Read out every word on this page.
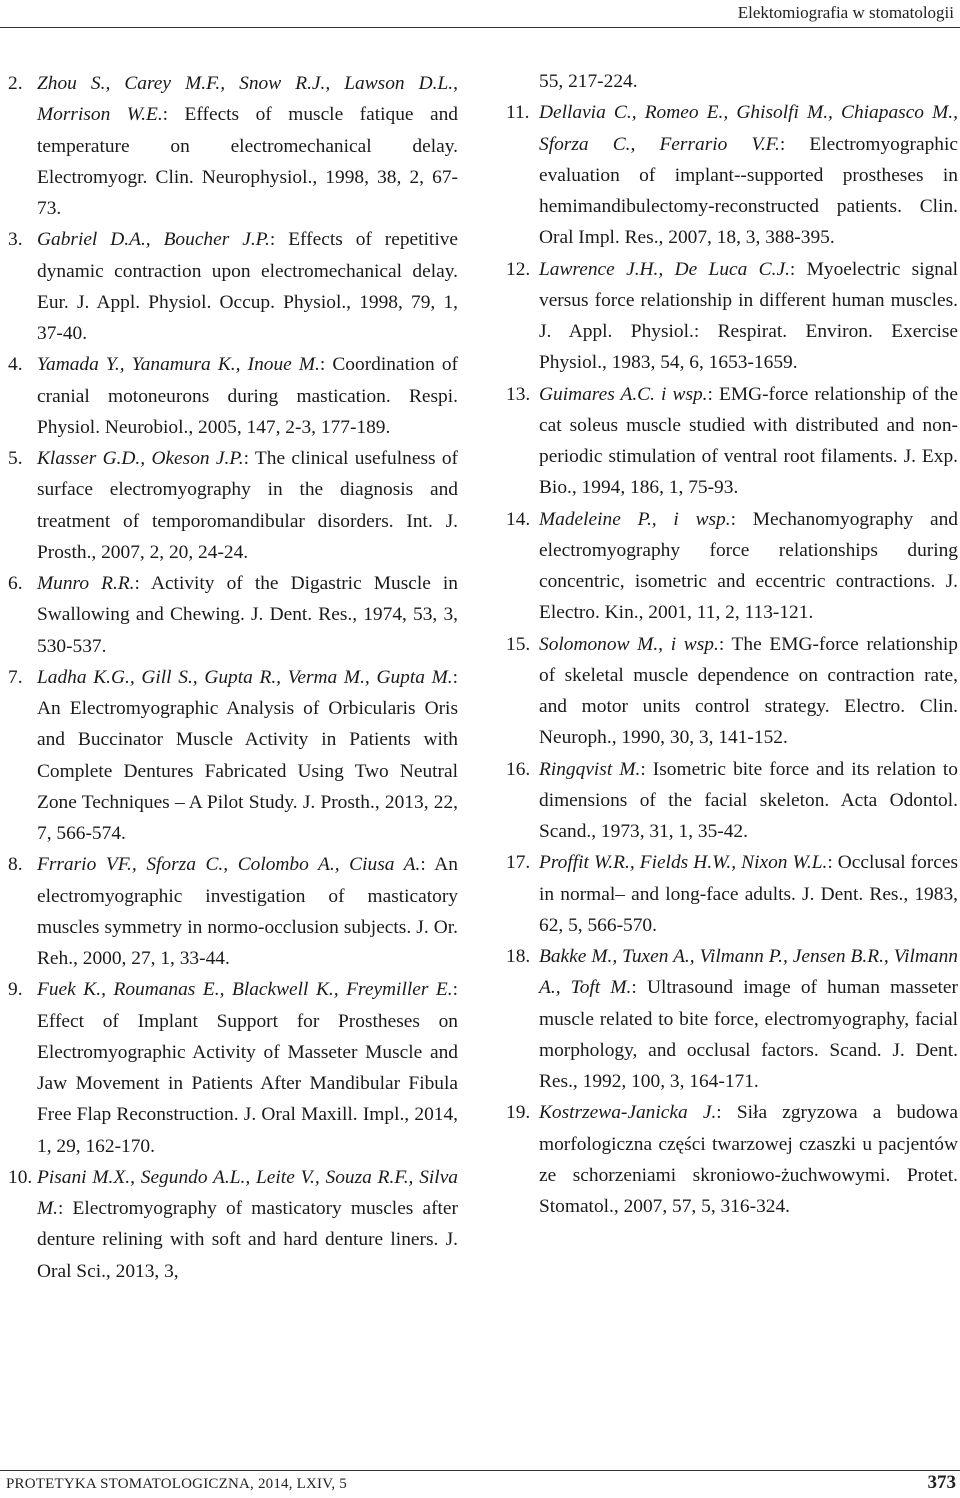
Elektomiografia w stomatologii
2. Zhou S., Carey M.F., Snow R.J., Lawson D.L., Morrison W.E.: Effects of muscle fatique and temperature on electromechanical delay. Electromyogr. Clin. Neurophysiol., 1998, 38, 2, 67-73.
3. Gabriel D.A., Boucher J.P.: Effects of repetitive dynamic contraction upon electromechanical delay. Eur. J. Appl. Physiol. Occup. Physiol., 1998, 79, 1, 37-40.
4. Yamada Y., Yanamura K., Inoue M.: Coordination of cranial motoneurons during mastication. Respi. Physiol. Neurobiol., 2005, 147, 2-3, 177-189.
5. Klasser G.D., Okeson J.P.: The clinical usefulness of surface electromyography in the diagnosis and treatment of temporomandibular disorders. Int. J. Prosth., 2007, 2, 20, 24-24.
6. Munro R.R.: Activity of the Digastric Muscle in Swallowing and Chewing. J. Dent. Res., 1974, 53, 3, 530-537.
7. Ladha K.G., Gill S., Gupta R., Verma M., Gupta M.: An Electromyographic Analysis of Orbicularis Oris and Buccinator Muscle Activity in Patients with Complete Dentures Fabricated Using Two Neutral Zone Techniques – A Pilot Study. J. Prosth., 2013, 22, 7, 566-574.
8. Frrario VF., Sforza C., Colombo A., Ciusa A.: An electromyographic investigation of masticatory muscles symmetry in normo-occlusion subjects. J. Or. Reh., 2000, 27, 1, 33-44.
9. Fuek K., Roumanas E., Blackwell K., Freymiller E.: Effect of Implant Support for Prostheses on Electromyographic Activity of Masseter Muscle and Jaw Movement in Patients After Mandibular Fibula Free Flap Reconstruction. J. Oral Maxill. Impl., 2014, 1, 29, 162-170.
10. Pisani M.X., Segundo A.L., Leite V., Souza R.F., Silva M.: Electromyography of masticatory muscles after denture relining with soft and hard denture liners. J. Oral Sci., 2013, 3,
55, 217-224.
11. Dellavia C., Romeo E., Ghisolfi M., Chiapasco M., Sforza C., Ferrario V.F.: Electromyographic evaluation of implant--supported prostheses in hemimandibulectomy-reconstructed patients. Clin. Oral Impl. Res., 2007, 18, 3, 388-395.
12. Lawrence J.H., De Luca C.J.: Myoelectric signal versus force relationship in different human muscles. J. Appl. Physiol.: Respirat. Environ. Exercise Physiol., 1983, 54, 6, 1653-1659.
13. Guimares A.C. i wsp.: EMG-force relationship of the cat soleus muscle studied with distributed and non-periodic stimulation of ventral root filaments. J. Exp. Bio., 1994, 186, 1, 75-93.
14. Madeleine P., i wsp.: Mechanomyography and electromyography force relationships during concentric, isometric and eccentric contractions. J. Electro. Kin., 2001, 11, 2, 113-121.
15. Solomonow M., i wsp.: The EMG-force relationship of skeletal muscle dependence on contraction rate, and motor units control strategy. Electro. Clin. Neuroph., 1990, 30, 3, 141-152.
16. Ringqvist M.: Isometric bite force and its relation to dimensions of the facial skeleton. Acta Odontol. Scand., 1973, 31, 1, 35-42.
17. Proffit W.R., Fields H.W., Nixon W.L.: Occlusal forces in normal– and long-face adults. J. Dent. Res., 1983, 62, 5, 566-570.
18. Bakke M., Tuxen A., Vilmann P., Jensen B.R., Vilmann A., Toft M.: Ultrasound image of human masseter muscle related to bite force, electromyography, facial morphology, and occlusal factors. Scand. J. Dent. Res., 1992, 100, 3, 164-171.
19. Kostrzewa-Janicka J.: Siła zgryzowa a budowa morfologiczna części twarzowej czaszki u pacjentów ze schorzeniami skroniowo-żuchwowymi. Protet. Stomatol., 2007, 57, 5, 316-324.
PROTETYKA STOMATOLOGICZNA, 2014, LXIV, 5	373
